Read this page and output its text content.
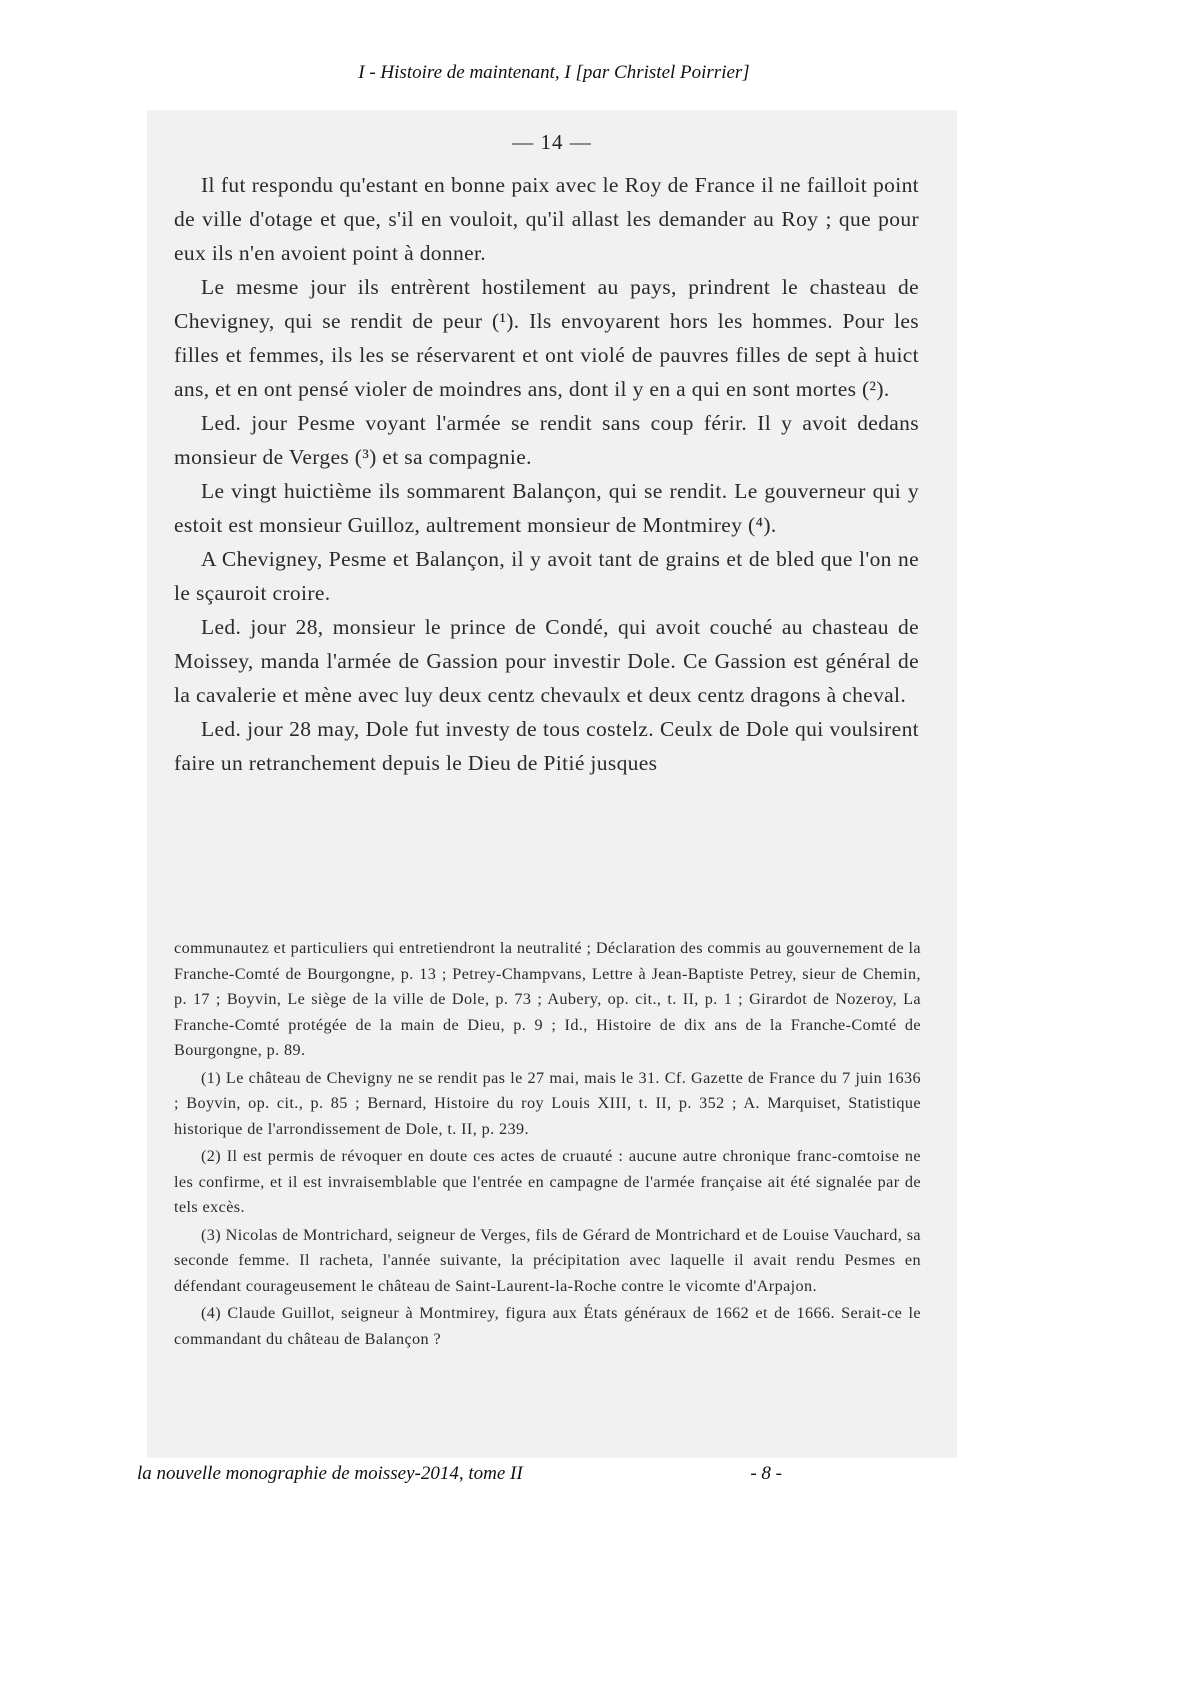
I - Histoire de maintenant, I [par Christel Poirrier]
— 14 —

Il fut respondu qu'estant en bonne paix avec le Roy de France il ne failloit point de ville d'otage et que, s'il en vouloit, qu'il allast les demander au Roy ; que pour eux ils n'en avoient point à donner.

Le mesme jour ils entrèrent hostilement au pays, prindrent le chasteau de Chevigney, qui se rendit de peur (¹). Ils envoyarent hors les hommes. Pour les filles et femmes, ils les se réservarent et ont violé de pauvres filles de sept à huict ans, et en ont pensé violer de moindres ans, dont il y en a qui en sont mortes (²).

Led. jour Pesme voyant l'armée se rendit sans coup férir. Il y avoit dedans monsieur de Verges (³) et sa compagnie.

Le vingt huictième ils sommarent Balançon, qui se rendit. Le gouverneur qui y estoit est monsieur Guilloz, aultrement monsieur de Montmirey (⁴).

A Chevigney, Pesme et Balançon, il y avoit tant de grains et de bled que l'on ne le sçauroit croire.

Led. jour 28, monsieur le prince de Condé, qui avoit couché au chasteau de Moissey, manda l'armée de Gassion pour investir Dole. Ce Gassion est général de la cavalerie et mène avec luy deux centz chevaulx et deux centz dragons à cheval.

Led. jour 28 may, Dole fut investy de tous costelz. Ceulx de Dole qui voulsirent faire un retranchement depuis le Dieu de Pitié jusques

communautez et particuliers qui entretiendront la neutralité ; Déclaration des commis au gouvernement de la Franche-Comté de Bourgongne, p. 13 ; Petrey-Champvans, Lettre à Jean-Baptiste Petrey, sieur de Chemin, p. 17 ; Boyvin, Le siège de la ville de Dole, p. 73 ; Aubery, op. cit., t. II, p. 1 ; Girardot de Nozeroy, La Franche-Comté protégée de la main de Dieu, p. 9 ; Id., Histoire de dix ans de la Franche-Comté de Bourgongne, p. 89.

(1) Le château de Chevigny ne se rendit pas le 27 mai, mais le 31. Cf. Gazette de France du 7 juin 1636 ; Boyvin, op. cit., p. 85 ; Bernard, Histoire du roy Louis XIII, t. II, p. 352 ; A. Marquiset, Statistique historique de l'arrondissement de Dole, t. II, p. 239.

(2) Il est permis de révoquer en doute ces actes de cruauté : aucune autre chronique franc-comtoise ne les confirme, et il est invraisemblable que l'entrée en campagne de l'armée française ait été signalée par de tels excès.

(3) Nicolas de Montrichard, seigneur de Verges, fils de Gérard de Montrichard et de Louise Vauchard, sa seconde femme. Il racheta, l'année suivante, la précipitation avec laquelle il avait rendu Pesmes en défendant courageusement le château de Saint-Laurent-la-Roche contre le vicomte d'Arpajon.

(4) Claude Guillot, seigneur à Montmirey, figura aux États généraux de 1662 et de 1666. Serait-ce le commandant du château de Balançon ?

la nouvelle monographie de moissey-2014, tome II	- 8 -
